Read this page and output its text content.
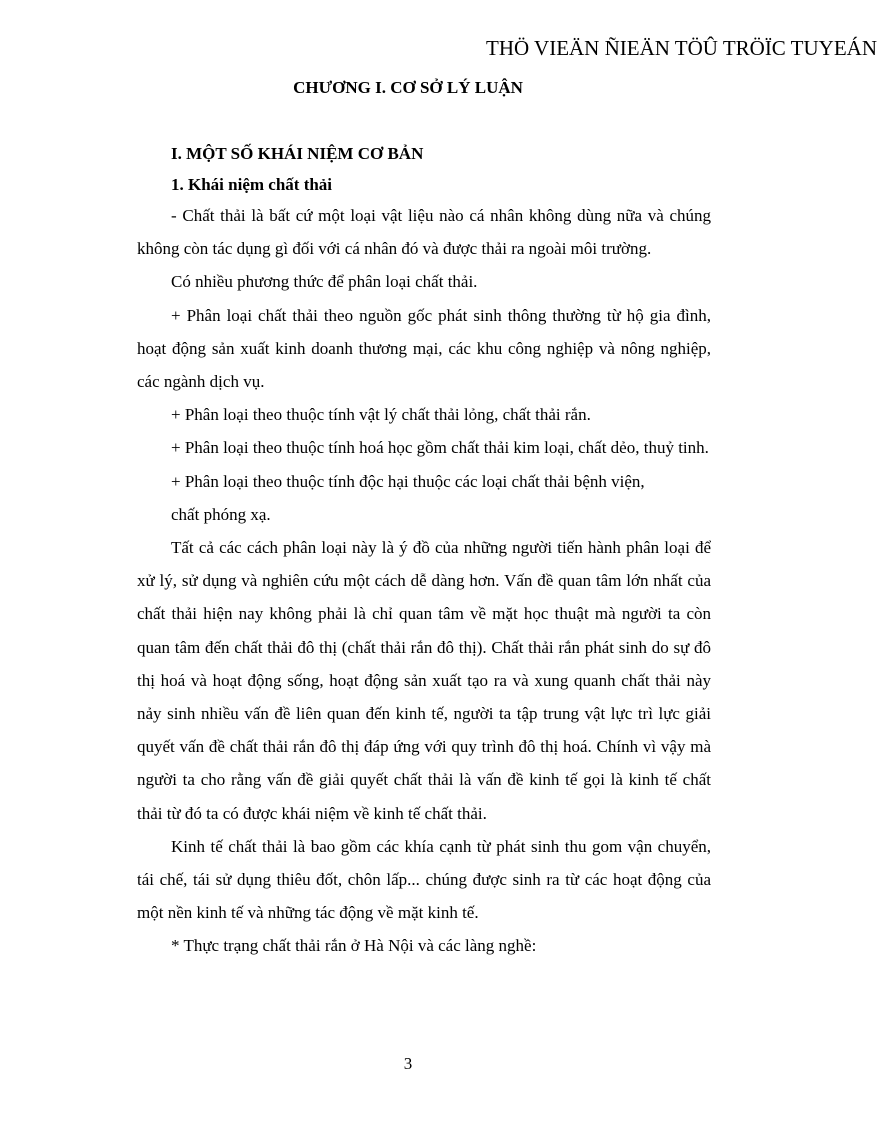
THÖ VIEÄN ÑIEÄN TÖÛ TRÖÏC TUYEÁN
CHƯƠNG I. CƠ SỞ LÝ LUẬN
I. MỘT SỐ KHÁI NIỆM CƠ BẢN
1. Khái niệm chất thải

- Chất thải là bất cứ một loại vật liệu nào cá nhân không dùng nữa và chúng không còn tác dụng gì đối với cá nhân đó và được thải ra ngoài môi trường.

Có nhiều phương thức để phân loại chất thải.

+ Phân loại chất thải theo nguồn gốc phát sinh thông thường từ hộ gia đình, hoạt động sản xuất kinh doanh thương mại, các khu công nghiệp và nông nghiệp, các ngành dịch vụ.

+ Phân loại theo thuộc tính vật lý chất thải lỏng, chất thải rắn.

+ Phân loại theo thuộc tính hoá học gồm chất thải kim loại, chất dẻo, thuỷ tinh.

+ Phân loại theo thuộc tính độc hại thuộc các loại chất thải bệnh viện,

chất phóng xạ.

Tất cả các cách phân loại này là ý đồ của những người tiến hành phân loại để xử lý, sử dụng và nghiên cứu một cách dễ dàng hơn. Vấn đề quan tâm lớn nhất của chất thải hiện nay không phải là chỉ quan tâm về mặt học thuật mà người ta còn quan tâm đến chất thải đô thị (chất thải rắn đô thị). Chất thải rắn phát sinh do sự đô thị hoá và hoạt động sống, hoạt động sản xuất tạo ra và xung quanh chất thải này nảy sinh nhiều vấn đề liên quan đến kinh tế, người ta tập trung vật lực trì lực giải quyết vấn đề chất thải rắn đô thị đáp ứng với quy trình đô thị hoá. Chính vì vậy mà người ta cho rằng vấn đề giải quyết chất thải là vấn đề kinh tế gọi là kinh tế chất thải từ đó ta có được khái niệm về kinh tế chất thải.

Kinh tế chất thải là bao gồm các khía cạnh từ phát sinh thu gom vận chuyển, tái chế, tái sử dụng thiêu đốt, chôn lấp... chúng được sinh ra từ các hoạt động của một nền kinh tế và những tác động về mặt kinh tế.

* Thực trạng chất thải rắn ở Hà Nội và các làng nghề:

3
